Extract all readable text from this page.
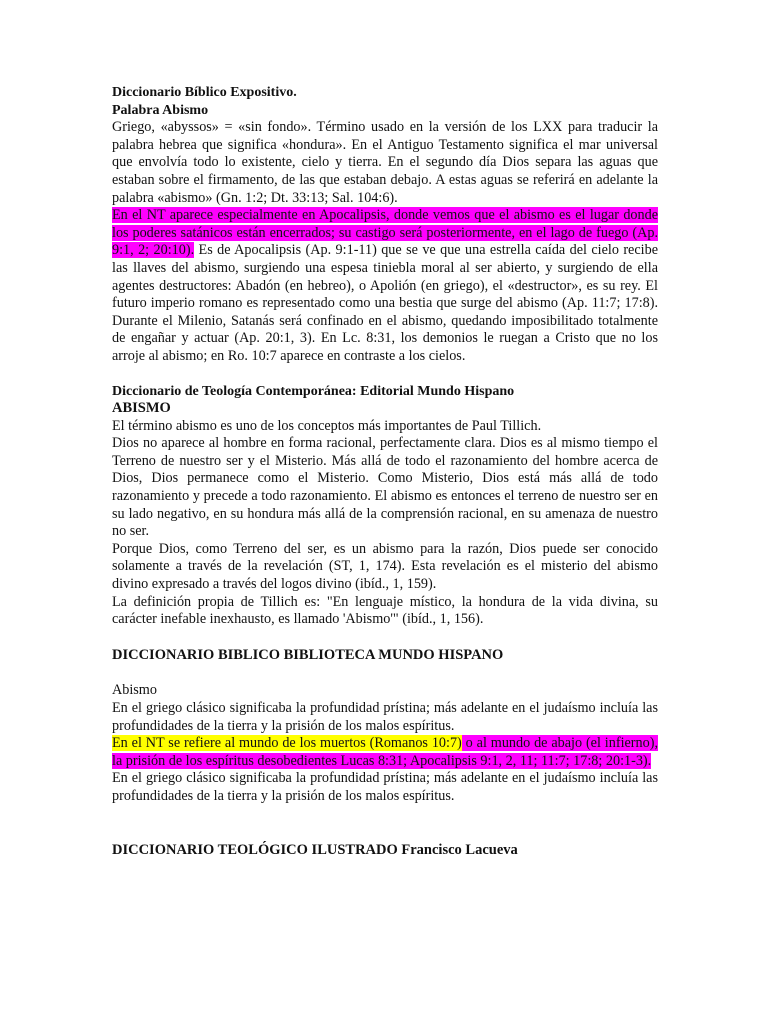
Diccionario Bíblico Expositivo.

Palabra Abismo

Griego, «abyssos» = «sin fondo». Término usado en la versión de los LXX para traducir la palabra hebrea que significa «hondura». En el Antiguo Testamento significa el mar universal que envolvía todo lo existente, cielo y tierra. En el segundo día Dios separa las aguas que estaban sobre el firmamento, de las que estaban debajo. A estas aguas se referirá en adelante la palabra «abismo» (Gn. 1:2; Dt. 33:13; Sal. 104:6).

En el NT aparece especialmente en Apocalipsis, donde vemos que el abismo es el lugar donde los poderes satánicos están encerrados; su castigo será posteriormente, en el lago de fuego (Ap. 9:1, 2; 20:10). Es de Apocalipsis (Ap. 9:1-11) que se ve que una estrella caída del cielo recibe las llaves del abismo, surgiendo una espesa tiniebla moral al ser abierto, y surgiendo de ella agentes destructores: Abadón (en hebreo), o Apolión (en griego), el «destructor», es su rey. El futuro imperio romano es representado como una bestia que surge del abismo (Ap. 11:7; 17:8). Durante el Milenio, Satanás será confinado en el abismo, quedando imposibilitado totalmente de engañar y actuar (Ap. 20:1, 3). En Lc. 8:31, los demonios le ruegan a Cristo que no los arroje al abismo; en Ro. 10:7 aparece en contraste a los cielos.

Diccionario de Teología Contemporánea: Editorial Mundo Hispano

ABISMO

El término abismo es uno de los conceptos más importantes de Paul Tillich.

Dios no aparece al hombre en forma racional, perfectamente clara. Dios es al mismo tiempo el Terreno de nuestro ser y el Misterio. Más allá de todo el razonamiento del hombre acerca de Dios, Dios permanece como el Misterio. Como Misterio, Dios está más allá de todo razonamiento y precede a todo razonamiento. El abismo es entonces el terreno de nuestro ser en su lado negativo, en su hondura más allá de la comprensión racional, en su amenaza de nuestro no ser.

Porque Dios, como Terreno del ser, es un abismo para la razón, Dios puede ser conocido solamente a través de la revelación (ST, 1, 174). Esta revelación es el misterio del abismo divino expresado a través del logos divino (ibíd., 1, 159).

La definición propia de Tillich es: "En lenguaje místico, la hondura de la vida divina, su carácter inefable inexhausto, es llamado 'Abismo'" (ibíd., 1, 156).

DICCIONARIO BIBLICO BIBLIOTECA MUNDO HISPANO

Abismo

En el griego clásico significaba la profundidad prístina; más adelante en el judaísmo incluía las profundidades de la tierra y la prisión de los malos espíritus.

En el NT se refiere al mundo de los muertos (Romanos 10:7) o al mundo de abajo (el infierno), la prisión de los espíritus desobedientes Lucas 8:31; Apocalipsis 9:1, 2, 11; 11:7; 17:8; 20:1-3).

En el griego clásico significaba la profundidad prístina; más adelante en el judaísmo incluía las profundidades de la tierra y la prisión de los malos espíritus.

DICCIONARIO TEOLÓGICO ILUSTRADO Francisco Lacueva
